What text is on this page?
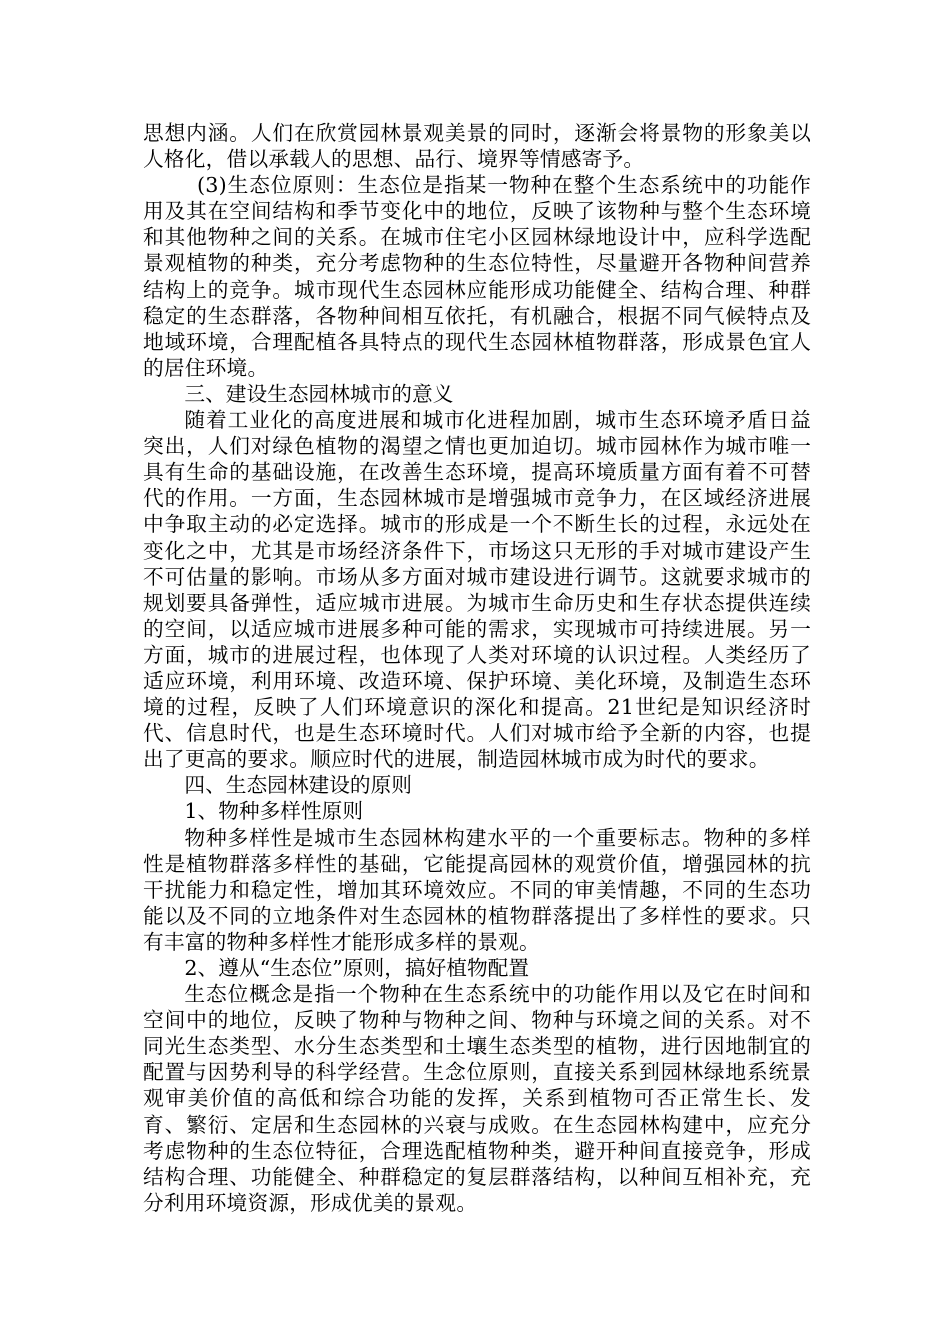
思想内涵。人们在欣赏园林景观美景的同时，逐渐会将景物的形象美以人格化，借以承载人的思想、品行、境界等情感寄予。

(3)生态位原则：生态位是指某一物种在整个生态系统中的功能作用及其在空间结构和季节变化中的地位，反映了该物种与整个生态环境和其他物种之间的关系。在城市住宅小区园林绿地设计中，应科学选配景观植物的种类，充分考虑物种的生态位特性，尽量避开各物种间营养结构上的竞争。城市现代生态园林应能形成功能健全、结构合理、种群稳定的生态群落，各物种间相互依托，有机融合，根据不同气候特点及地域环境，合理配植各具特点的现代生态园林植物群落，形成景色宜人的居住环境。

三、建设生态园林城市的意义

随着工业化的高度进展和城市化进程加剧，城市生态环境矛盾日益突出，人们对绿色植物的渴望之情也更加迫切。城市园林作为城市唯一具有生命的基础设施，在改善生态环境，提高环境质量方面有着不可替代的作用。一方面，生态园林城市是增强城市竞争力，在区域经济进展中争取主动的必定选择。城市的形成是一个不断生长的过程，永远处在变化之中，尤其是市场经济条件下，市场这只无形的手对城市建设产生不可估量的影响。市场从多方面对城市建设进行调节。这就要求城市的规划要具备弹性，适应城市进展。为城市生命历史和生存状态提供连续的空间，以适应城市进展多种可能的需求，实现城市可持续进展。另一方面，城市的进展过程，也体现了人类对环境的认识过程。人类经历了适应环境，利用环境、改造环境、保护环境、美化环境，及制造生态环境的过程，反映了人们环境意识的深化和提高。21世纪是知识经济时代、信息时代，也是生态环境时代。人们对城市给予全新的内容，也提出了更高的要求。顺应时代的进展，制造园林城市成为时代的要求。

四、生态园林建设的原则

1、物种多样性原则

物种多样性是城市生态园林构建水平的一个重要标志。物种的多样性是植物群落多样性的基础，它能提高园林的观赏价值，增强园林的抗干扰能力和稳定性，增加其环境效应。不同的审美情趣，不同的生态功能以及不同的立地条件对生态园林的植物群落提出了多样性的要求。只有丰富的物种多样性才能形成多样的景观。

2、遵从“生态位”原则，搞好植物配置

生态位概念是指一个物种在生态系统中的功能作用以及它在时间和空间中的地位，反映了物种与物种之间、物种与环境之间的关系。对不同光生态类型、水分生态类型和土壤生态类型的植物，进行因地制宜的配置与因势利导的科学经营。生念位原则，直接关系到园林绿地系统景观审美价值的高低和综合功能的发挥，关系到植物可否正常生长、发育、繁衍、定居和生态园林的兴衰与成败。在生态园林构建中，应充分考虑物种的生态位特征，合理选配植物种类，避开种间直接竞争，形成结构合理、功能健全、种群稳定的复层群落结构，以种间互相补充，充分利用环境资源，形成优美的景观。
